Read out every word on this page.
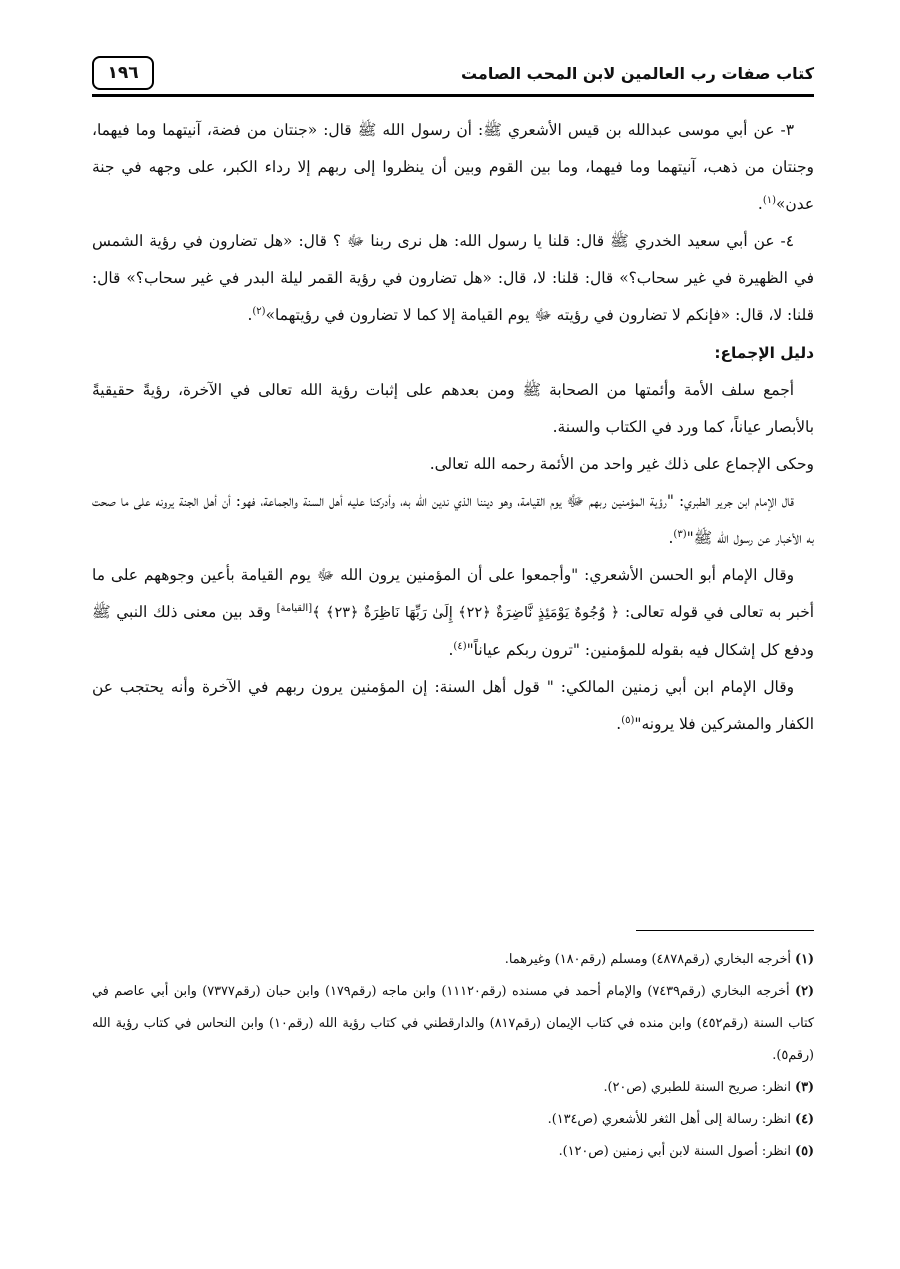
كتاب صفات رب العالمين لابن المحب الصامت
١٩٦

٣- عن أبي موسى عبدالله بن قيس الأشعري ﷺ: أن رسول الله ﷺ قال: «جنتان من فضة، آنيتهما وما فيهما، وجنتان من ذهب، آنيتهما وما فيهما، وما بين القوم وبين أن ينظروا إلى ربهم إلا رداء الكبر، على وجهه في جنة عدن»$^{(١)}$.

٤- عن أبي سعيد الخدري ﷺ قال: قلنا يا رسول الله: هل نرى ربنا ﷻ ؟ قال: «هل تضارون في رؤية الشمس في الظهيرة في غير سحاب؟» قال: قلنا: لا، قال: «هل تضارون في رؤية القمر ليلة البدر في غير سحاب؟» قال: قلنا: لا، قال: «فإنكم لا تضارون في رؤيته ﷻ يوم القيامة إلا كما لا تضارون في رؤيتهما»$^{(٢)}$.

دليل الإجماع:

أجمع سلف الأمة وأئمتها من الصحابة ﷺ ومن بعدهم على إثبات رؤية الله تعالى في الآخرة، رؤيةً حقيقيةً بالأبصار عياناً، كما ورد في الكتاب والسنة.

وحكى الإجماع على ذلك غير واحد من الأئمة رحمه الله تعالى.

قال الإمام ابن جرير الطبري: "رؤية المؤمنين ربهم ﷻ يوم القيامة، وهو ديننا الذي ندين الله به، وأدركنا عليه أهل السنة والجماعة، فهو: أن أهل الجنة يرونه على ما صحت به الأخبار عن رسول الله ﷺ"$^{(٣)}$.

وقال الإمام أبو الحسن الأشعري: "وأجمعوا على أن المؤمنين يرون الله ﷻ يوم القيامة بأعين وجوههم على ما أخبر به تعالى في قوله تعالى: ﴿ وُجُوهٌ يَوْمَئِذٍ نَّاضِرَةٌ ﴿٢٢﴾ إِلَىٰ رَبِّهَا نَاظِرَةٌ ﴿٢٣﴾ ﴾[القيامة] وقد بين معنى ذلك النبي ﷺ ودفع كل إشكال فيه بقوله للمؤمنين: "ترون ربكم عياناً"$^{(٤)}$.

وقال الإمام ابن أبي زمنين المالكي: " قول أهل السنة: إن المؤمنين يرون ربهم في الآخرة وأنه يحتجب عن الكفار والمشركين فلا يرونه"$^{(٥)}$.

(١) أخرجه البخاري (رقم٤٨٧٨) ومسلم (رقم١٨٠) وغيرهما.
(٢) أخرجه البخاري (رقم٧٤٣٩) والإمام أحمد في مسنده (رقم١١١٢٠) وابن ماجه (رقم١٧٩) وابن حبان (رقم٧٣٧٧) وابن أبي عاصم في كتاب السنة (رقم٤٥٢) وابن منده في كتاب الإيمان (رقم٨١٧) والدارقطني في كتاب رؤية الله (رقم١٠) وابن النحاس في كتاب رؤية الله (رقم٥).
(٣) انظر: صريح السنة للطبري (ص٢٠).
(٤) انظر: رسالة إلى أهل الثغر للأشعري (ص١٣٤).
(٥) انظر: أصول السنة لابن أبي زمنين (ص١٢٠).
